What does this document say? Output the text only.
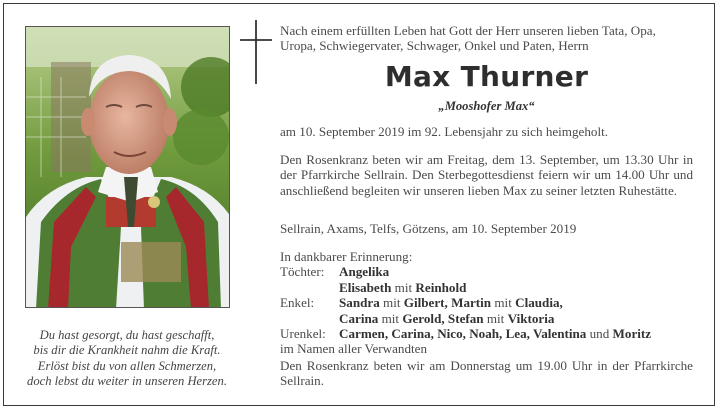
Du hast gesorgt, du hast geschafft,
bis dir die Krankheit nahm die Kraft.
Erlöst bist du von allen Schmerzen,
doch lebst du weiter in unseren Herzen.
Nach einem erfüllten Leben hat Gott der Herr unseren lieben Tata, Opa,
Uropa, Schwiegervater, Schwager, Onkel und Paten, Herrn
Max Thurner
„Mooshofer Max“
am 10. September 2019 im 92. Lebensjahr zu sich heimgeholt.
Den Rosenkranz beten wir am Freitag, dem 13. September, um 13.30 Uhr in der Pfarrkirche Sellrain. Den Sterbegottesdienst feiern wir um 14.00 Uhr und anschließend begleiten wir unseren lieben Max zu seiner letzten Ruhestätte.
Sellrain, Axams, Telfs, Götzens, am 10. September 2019
In dankbarer Erinnerung:
Töchter:	Angelika
Elisabeth mit Reinhold
Enkel:	Sandra mit Gilbert, Martin mit Claudia,
Carina mit Gerold, Stefan mit Viktoria
Urenkel:	Carmen, Carina, Nico, Noah, Lea, Valentina und Moritz
im Namen aller Verwandten
Den Rosenkranz beten wir am Donnerstag um 19.00 Uhr in der Pfarrkirche Sellrain.
